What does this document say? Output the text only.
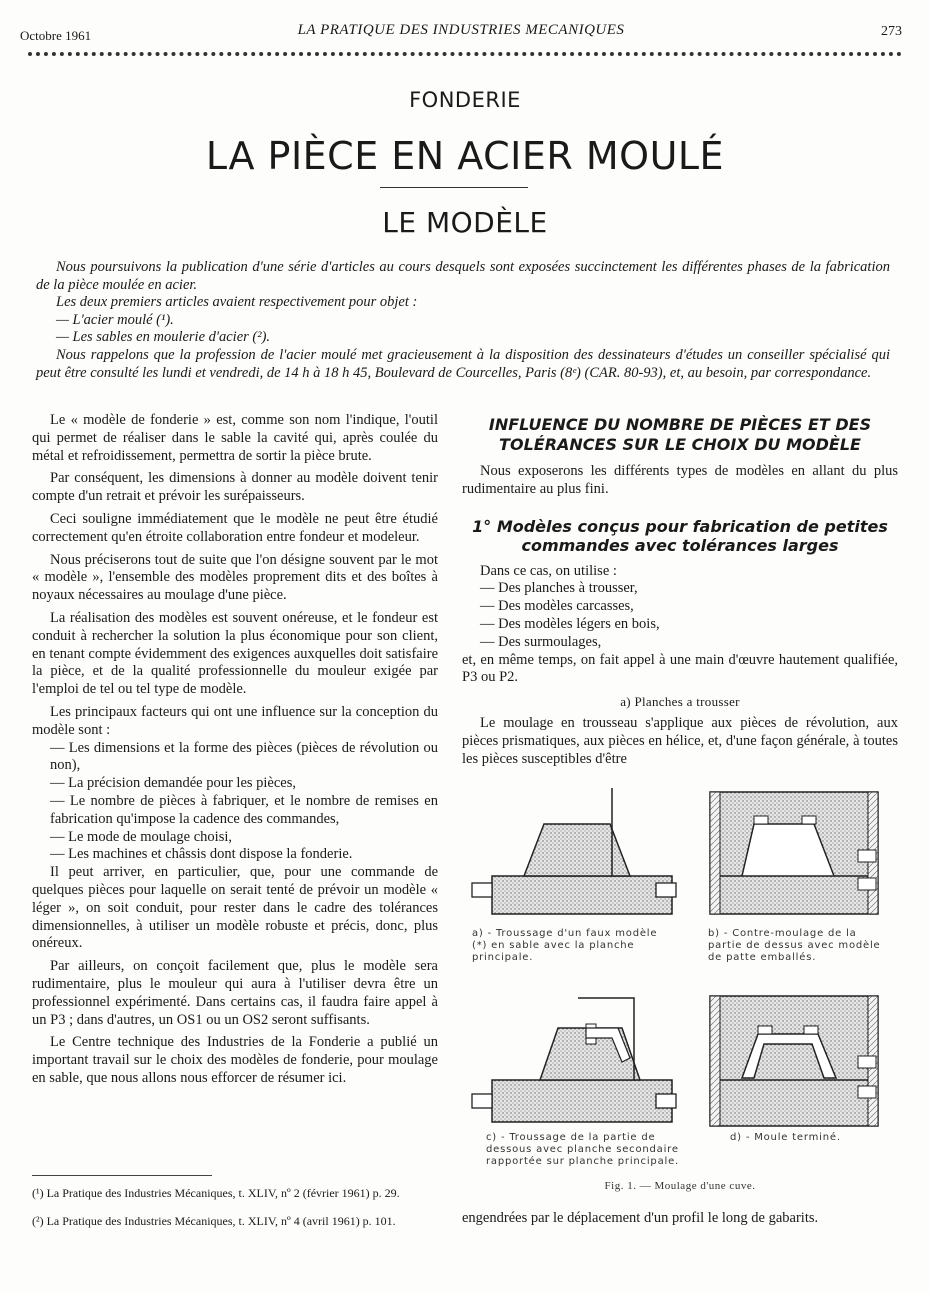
Octobre 1961	LA PRATIQUE DES INDUSTRIES MECANIQUES	273
FONDERIE
LA PIÈCE EN ACIER MOULÉ
LE MODÈLE

Nous poursuivons la publication d'une série d'articles au cours desquels sont exposées succinctement les différentes phases de la fabrication de la pièce moulée en acier.

Les deux premiers articles avaient respectivement pour objet :

— L'acier moulé (¹).

— Les sables en moulerie d'acier (²).

Nous rappelons que la profession de l'acier moulé met gracieusement à la disposition des dessinateurs d'études un conseiller spécialisé qui peut être consulté les lundi et vendredi, de 14 h à 18 h 45, Boulevard de Courcelles, Paris (8ᵉ) (CAR. 80-93), et, au besoin, par correspondance.

Le « modèle de fonderie » est, comme son nom l'indique, l'outil qui permet de réaliser dans le sable la cavité qui, après coulée du métal et refroidissement, permettra de sortir la pièce brute.

Par conséquent, les dimensions à donner au modèle doivent tenir compte d'un retrait et prévoir les surépaisseurs.

Ceci souligne immédiatement que le modèle ne peut être étudié correctement qu'en étroite collaboration entre fondeur et modeleur.

Nous préciserons tout de suite que l'on désigne souvent par le mot « modèle », l'ensemble des modèles proprement dits et des boîtes à noyaux nécessaires au moulage d'une pièce.

La réalisation des modèles est souvent onéreuse, et le fondeur est conduit à rechercher la solution la plus économique pour son client, en tenant compte évidemment des exigences auxquelles doit satisfaire la pièce, et de la qualité professionnelle du mouleur exigée par l'emploi de tel ou tel type de modèle.

Les principaux facteurs qui ont une influence sur la conception du modèle sont :

— Les dimensions et la forme des pièces (pièces de révolution ou non),

— La précision demandée pour les pièces,

— Le nombre de pièces à fabriquer, et le nombre de remises en fabrication qu'impose la cadence des commandes,

— Le mode de moulage choisi,

— Les machines et châssis dont dispose la fonderie.

Il peut arriver, en particulier, que, pour une commande de quelques pièces pour laquelle on serait tenté de prévoir un modèle « léger », on soit conduit, pour rester dans le cadre des tolérances dimensionnelles, à utiliser un modèle robuste et précis, donc, plus onéreux.

Par ailleurs, on conçoit facilement que, plus le modèle sera rudimentaire, plus le mouleur qui aura à l'utiliser devra être un professionnel expérimenté. Dans certains cas, il faudra faire appel à un P3 ; dans d'autres, un OS1 ou un OS2 seront suffisants.

Le Centre technique des Industries de la Fonderie a publié un important travail sur le choix des modèles de fonderie, pour moulage en sable, que nous allons nous efforcer de résumer ici.

(¹) La Pratique des Industries Mécaniques, t. XLIV, nº 2 (février 1961) p. 29.
(²) La Pratique des Industries Mécaniques, t. XLIV, nº 4 (avril 1961) p. 101.
INFLUENCE DU NOMBRE DE PIÈCES ET DES TOLÉRANCES SUR LE CHOIX DU MODÈLE

Nous exposerons les différents types de modèles en allant du plus rudimentaire au plus fini.

1° Modèles conçus pour fabrication de petites commandes avec tolérances larges

Dans ce cas, on utilise :

— Des planches à trousser,

— Des modèles carcasses,

— Des modèles légers en bois,

— Des surmoulages,

et, en même temps, on fait appel à une main d'œuvre hautement qualifiée, P3 ou P2.

a) Planches a trousser

Le moulage en trousseau s'applique aux pièces de révolution, aux pièces prismatiques, aux pièces en hélice, et, d'une façon générale, à toutes les pièces susceptibles d'être

a) - Troussage d'un faux modèle (*) en sable avec la planche principale.
b) - Contre-moulage de la partie de dessus avec modèle de patte emballés.
c) - Troussage de la partie de dessous avec planche secondaire rapportée sur planche principale.
d) - Moule terminé.
Fig. 1. — Moulage d'une cuve.
engendrées par le déplacement d'un profil le long de gabarits.
